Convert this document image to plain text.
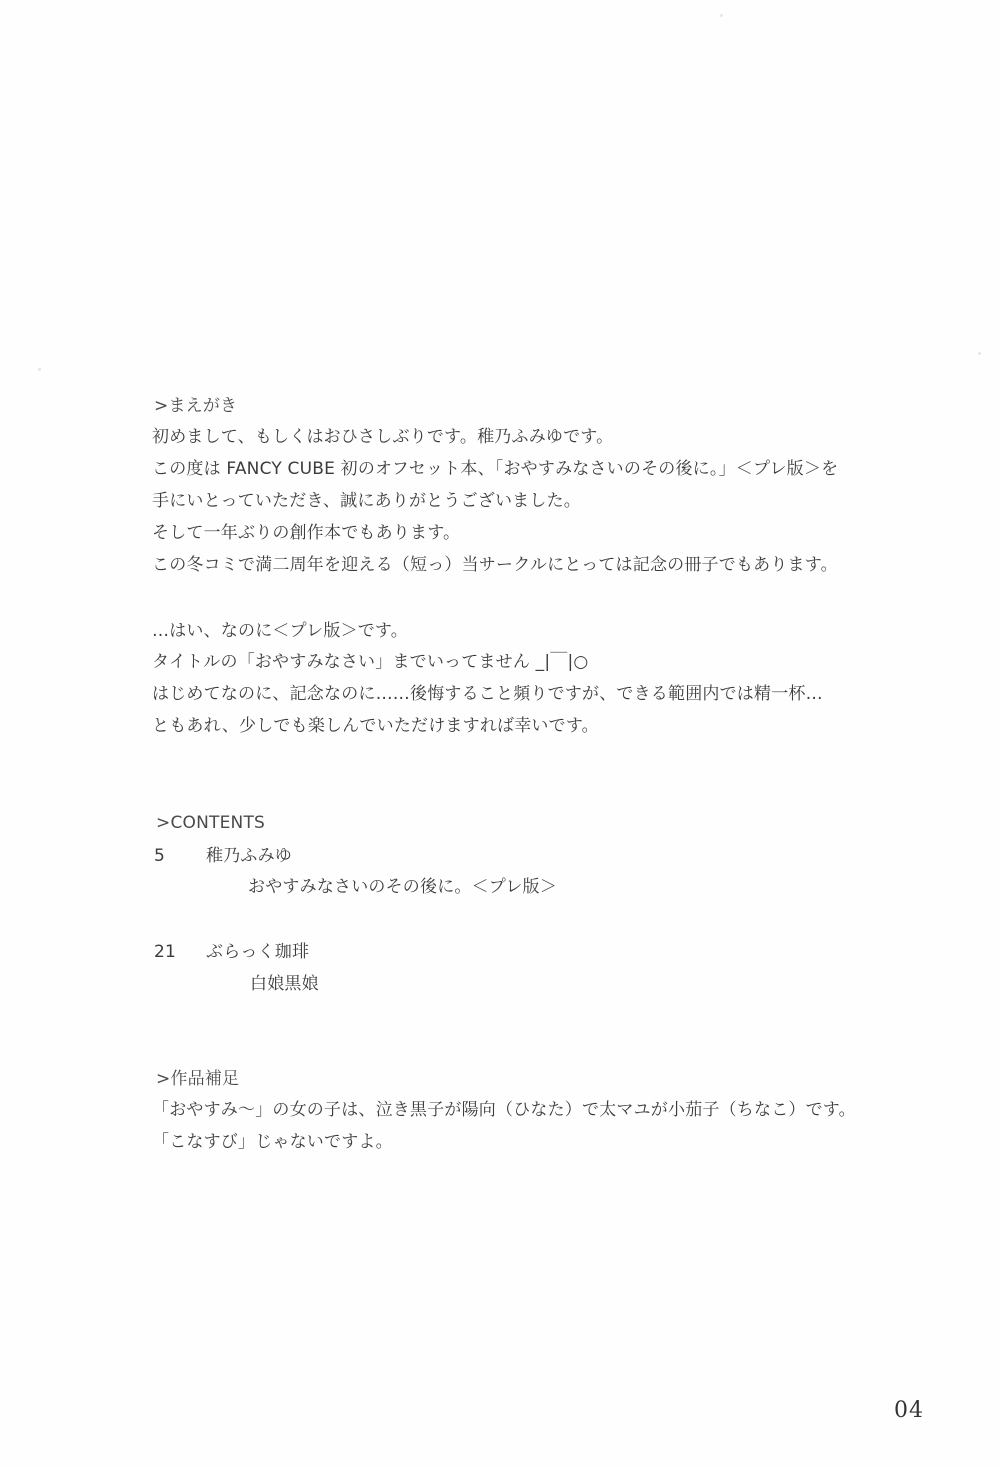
>まえがき
初めまして、もしくはおひさしぶりです。稚乃ふみゆです。
この度は FANCY CUBE 初のオフセット本、「おやすみなさいのその後に。」＜プレ版＞を
手にいとっていただき、誠にありがとうございました。
そして一年ぶりの創作本でもあります。
この冬コミで満二周年を迎える（短っ）当サークルにとっては記念の冊子でもあります。
…はい、なのに＜プレ版＞です。
タイトルの「おやすみなさい」までいってません _|￣|○
はじめてなのに、記念なのに……後悔すること頻りですが、できる範囲内では精一杯…
ともあれ、少しでも楽しんでいただけますれば幸いです。
>CONTENTS
5 稚乃ふみゆ
おやすみなさいのその後に。＜プレ版＞
21 ぶらっく珈琲
白娘黒娘
>作品補足
「おやすみ〜」の女の子は、泣き黒子が陽向（ひなた）で太マユが小茄子（ちなこ）です。
「こなすび」じゃないですよ。
04
